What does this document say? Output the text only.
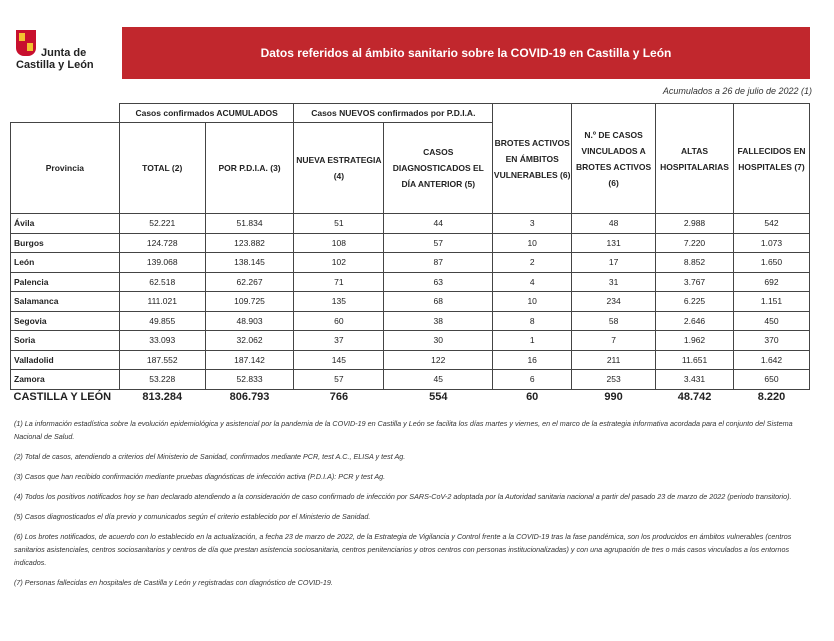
Junta de
Castilla y León
Datos referidos al ámbito sanitario sobre la COVID-19 en Castilla y León
Acumulados a 26 de julio de 2022 (1)
	Casos confirmados ACUMULADOS		Casos NUEVOS confirmados por P.D.I.A.		BROTES ACTIVOS EN ÁMBITOS VULNERABLES (6)	N.º DE CASOS VINCULADOS A BROTES ACTIVOS (6)	ALTAS HOSPITALARIAS	FALLECIDOS EN HOSPITALES (7)
Provincia	TOTAL (2)	POR P.D.I.A. (3)	NUEVA ESTRATEGIA (4)	CASOS DIAGNOSTICADOS EL DÍA ANTERIOR (5)				
Ávila	52.221	51.834	51	44	3	48	2.988	542
Burgos	124.728	123.882	108	57	10	131	7.220	1.073
León	139.068	138.145	102	87	2	17	8.852	1.650
Palencia	62.518	62.267	71	63	4	31	3.767	692
Salamanca	111.021	109.725	135	68	10	234	6.225	1.151
Segovia	49.855	48.903	60	38	8	58	2.646	450
Soria	33.093	32.062	37	30	1	7	1.962	370
Valladolid	187.552	187.142	145	122	16	211	11.651	1.642
Zamora	53.228	52.833	57	45	6	253	3.431	650
CASTILLA Y LEÓN	813.284	806.793	766	554	60	990	48.742	8.220

(1) La información estadística sobre la evolución epidemiológica y asistencial por la pandemia de la COVID-19 en Castilla y León se facilita los días martes y viernes, en el marco de la estrategia informativa acordada para el conjunto del Sistema Nacional de Salud.

(2) Total de casos, atendiendo a criterios del Ministerio de Sanidad, confirmados mediante PCR, test A.C., ELISA y test Ag.

(3) Casos que han recibido confirmación mediante pruebas diagnósticas de infección activa (P.D.I.A): PCR y test Ag.

(4) Todos los positivos notificados hoy se han declarado atendiendo a la consideración de caso confirmado de infección por SARS-CoV-2 adoptada por la Autoridad sanitaria nacional a partir del pasado 23 de marzo de 2022 (periodo transitorio).

(5) Casos diagnosticados el día previo y comunicados según el criterio establecido por el Ministerio de Sanidad.

(6) Los brotes notificados, de acuerdo con lo establecido en la actualización, a fecha 23 de marzo de 2022, de la Estrategia de Vigilancia y Control frente a la COVID-19 tras la fase pandémica, son los producidos en ámbitos vulnerables (centros sanitarios asistenciales, centros sociosanitarios y centros de día que prestan asistencia sociosanitaria, centros penitenciarios y otros centros con personas institucionalizadas) y con una agrupación de tres o más casos vinculados a los entornos indicados.

(7) Personas fallecidas en hospitales de Castilla y León y registradas con diagnóstico de COVID-19.
